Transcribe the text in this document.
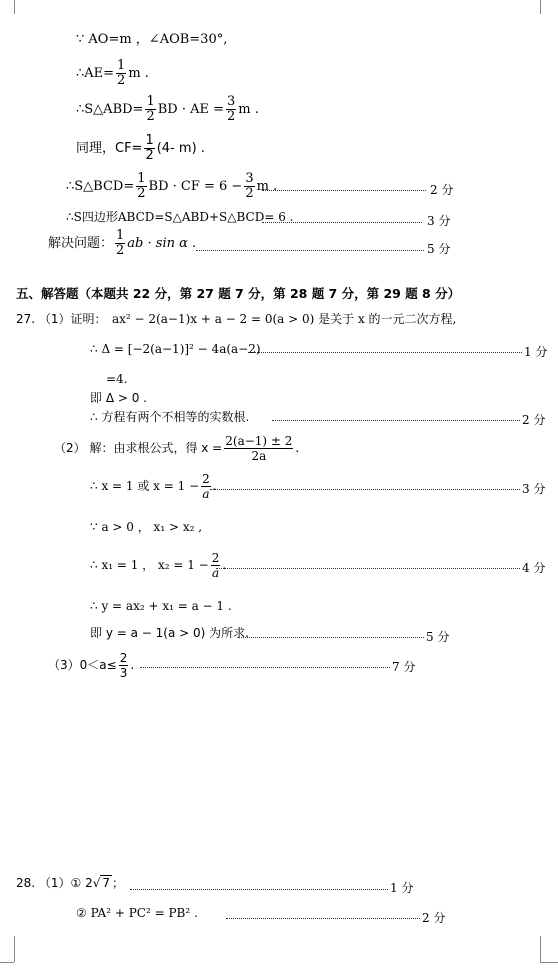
∵ AO=m ，∠AOB=30°,
∴AE= $\frac{1}{2}$ m .
∴S△ABD= $\frac{1}{2}$ BD · AE = $\frac{3}{2}$ m .
同理，$CF= \frac{1}{2} (4-$ m) .
∴S△BCD= $\frac{1}{2}$ BD · CF = $6 - \frac{3}{2}$ m .	2 分
∴S四边形ABCD=S△ABD+S△BCD= 6 .	3 分
解决问题： $\frac{1}{2}$ ab · sin α .	5 分
五、解答题（本题共 22 分，第 27 题 7 分，第 28 题 7 分，第 29 题 8 分）
27. （1）证明： ax² − 2(a−1)x + a − 2 = 0(a > 0) 是关于 x 的一元二次方程,
∴ Δ = [−2(a−1)]² − 4a(a−2)	1 分
=4.
即 Δ > 0 .
∴ 方程有两个不相等的实数根.	2 分
（2） 解：由求根公式，得 $x = \frac{2(a-1) \pm 2}{2a}$ .
∴ x = 1 或 $x = 1 - \frac{2}{a}$ .	3 分
∵ a > 0 ， x₁ > x₂ ,
∴ x₁ = 1 ， $x_2 = 1 - \frac{2}{a}$ .	4 分
∴ y = ax₂ + x₁ = a − 1 .
即 y = a − 1(a > 0) 为所求.	5 分
$(3)0<a\le \frac{2}{3}$ .	7 分
28. （1）① 2√ 7 ；	1 分
② PA² + PC² = PB² .	2 分
